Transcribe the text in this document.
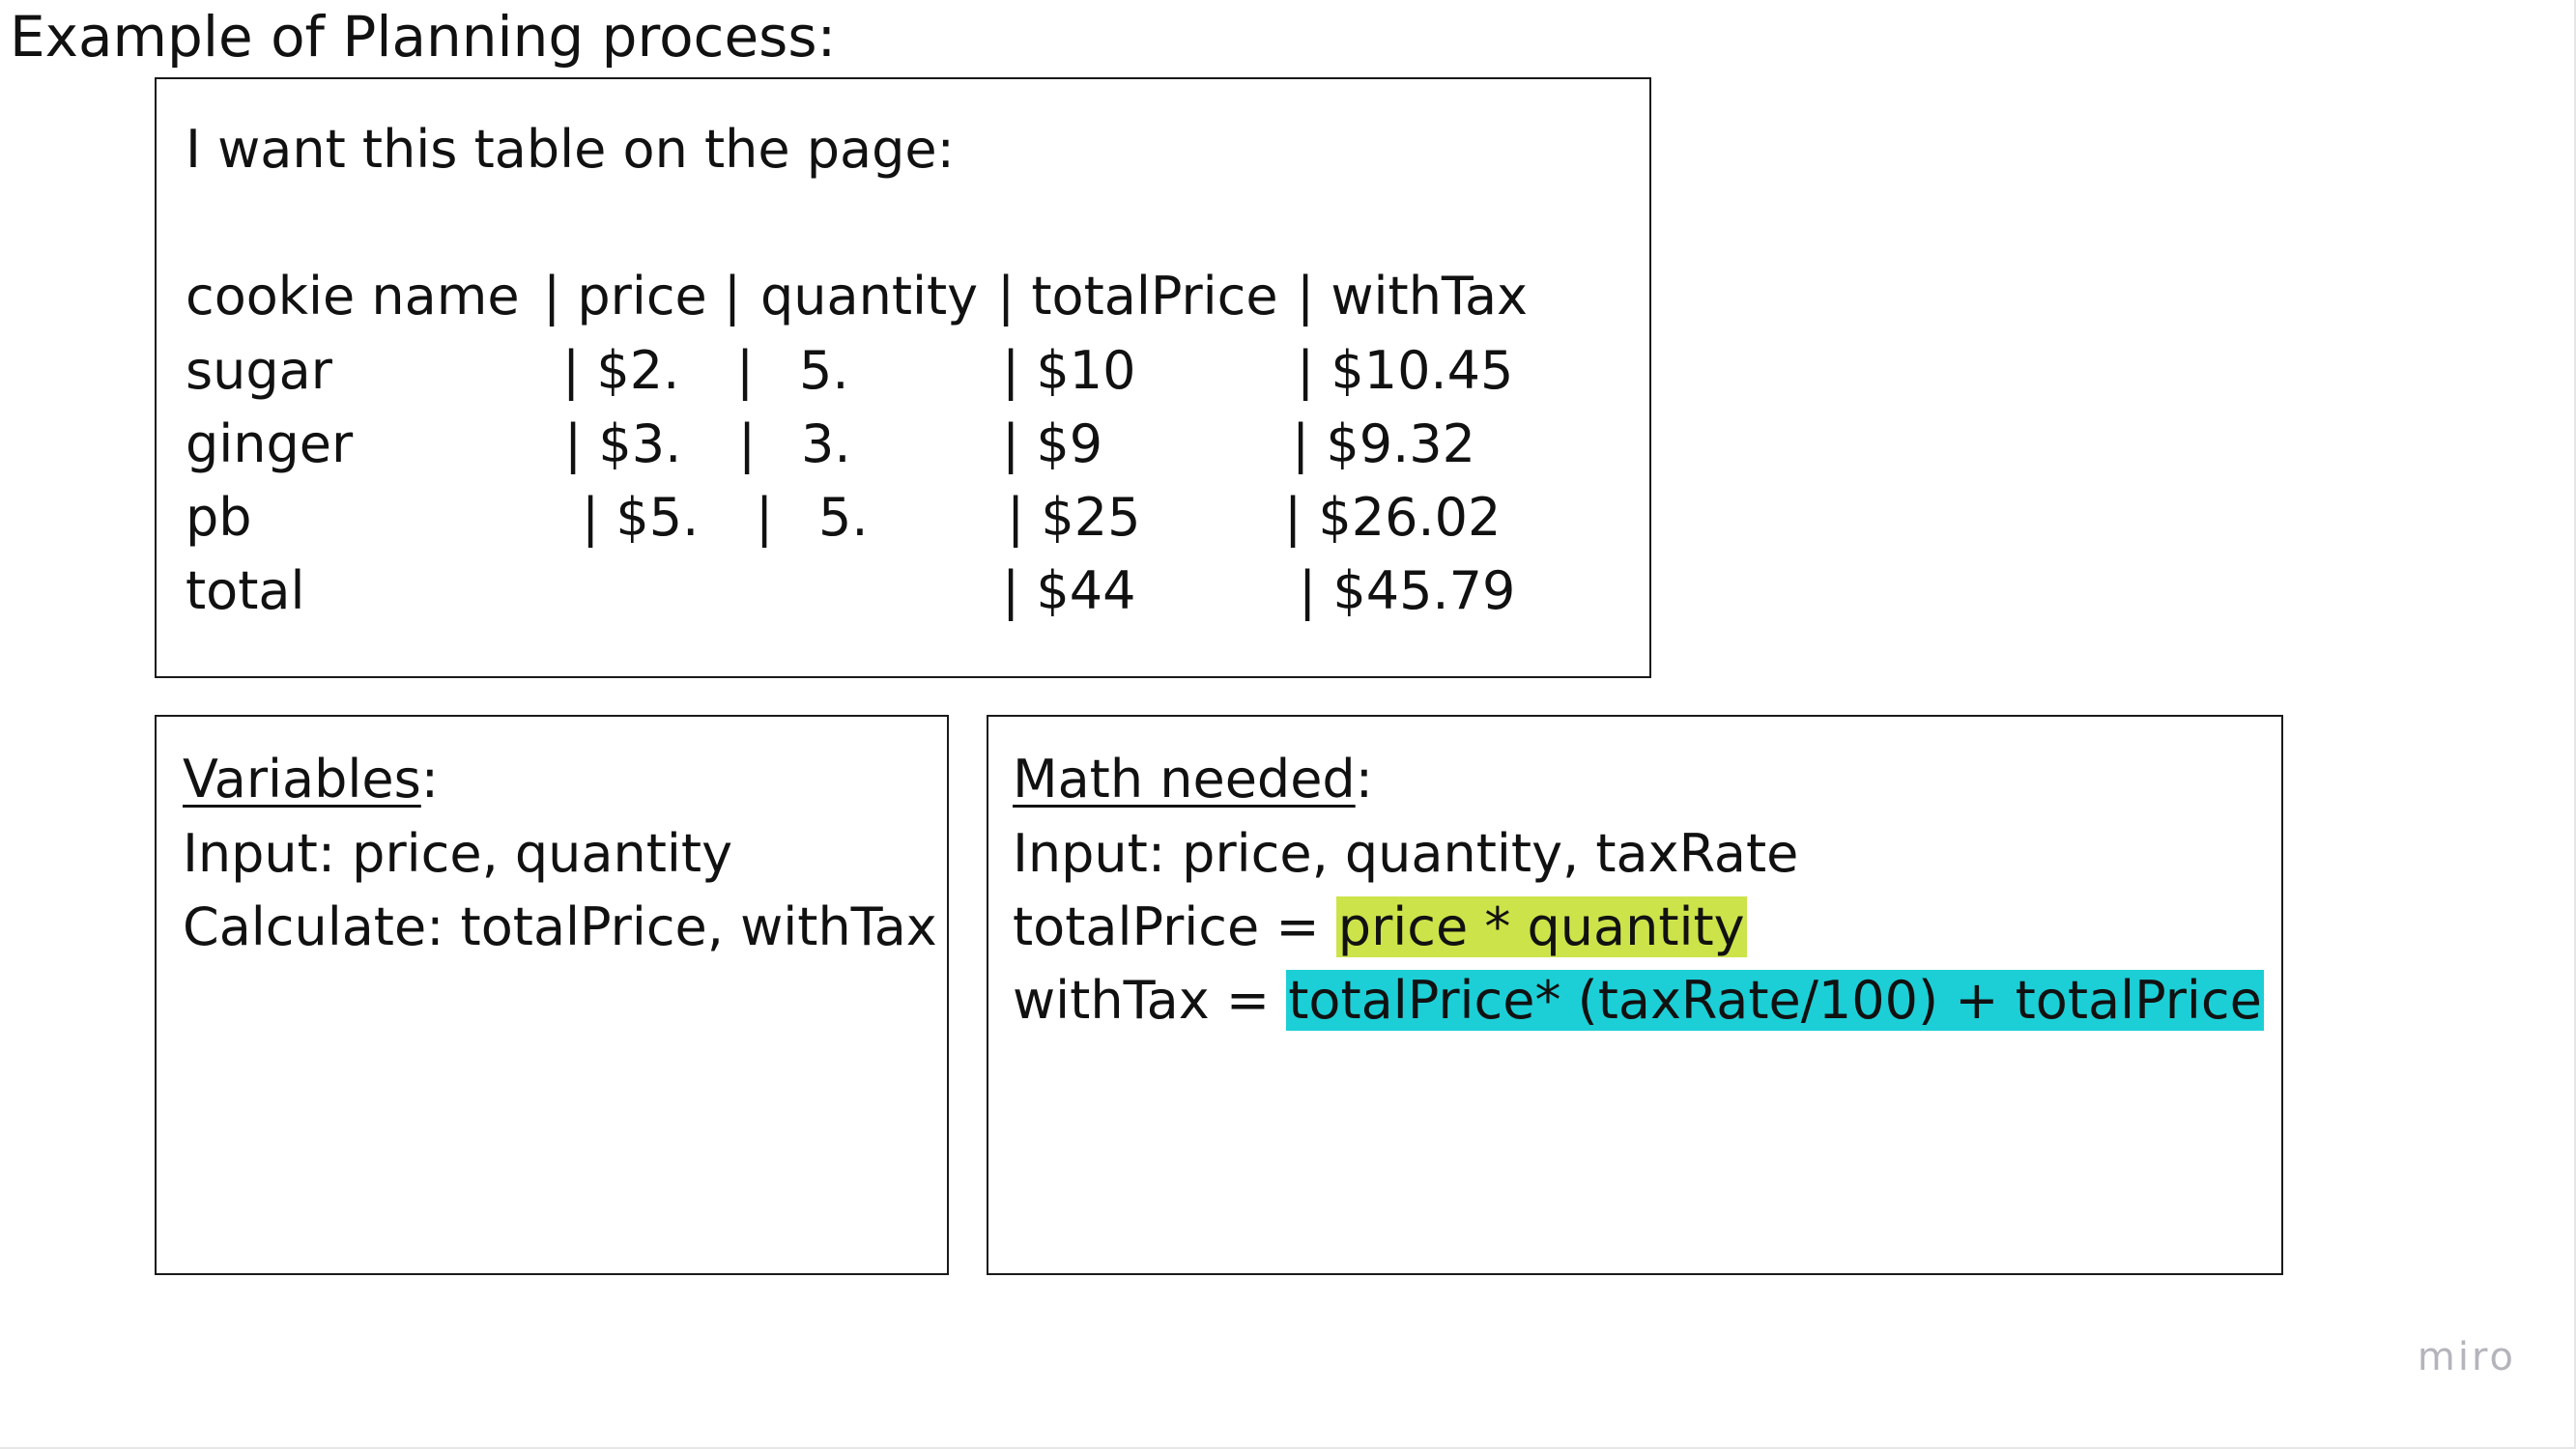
Example of Planning process:
I want this table on the page:
cookie name | price | quantity | totalPrice | withTax
sugar	| $2. | 5.	| $10	| $10.45
ginger	| $3. | 3.	| $9	| $9.32
pb	| $5. | 5.	| $25	| $26.02
total	| $44	| $45.79
Variables:
Input: price, quantity
Calculate: totalPrice, withTax
Math needed:
Input: price, quantity, taxRate
totalPrice = price * quantity
withTax = totalPrice* (taxRate/100) + totalPrice
miro
